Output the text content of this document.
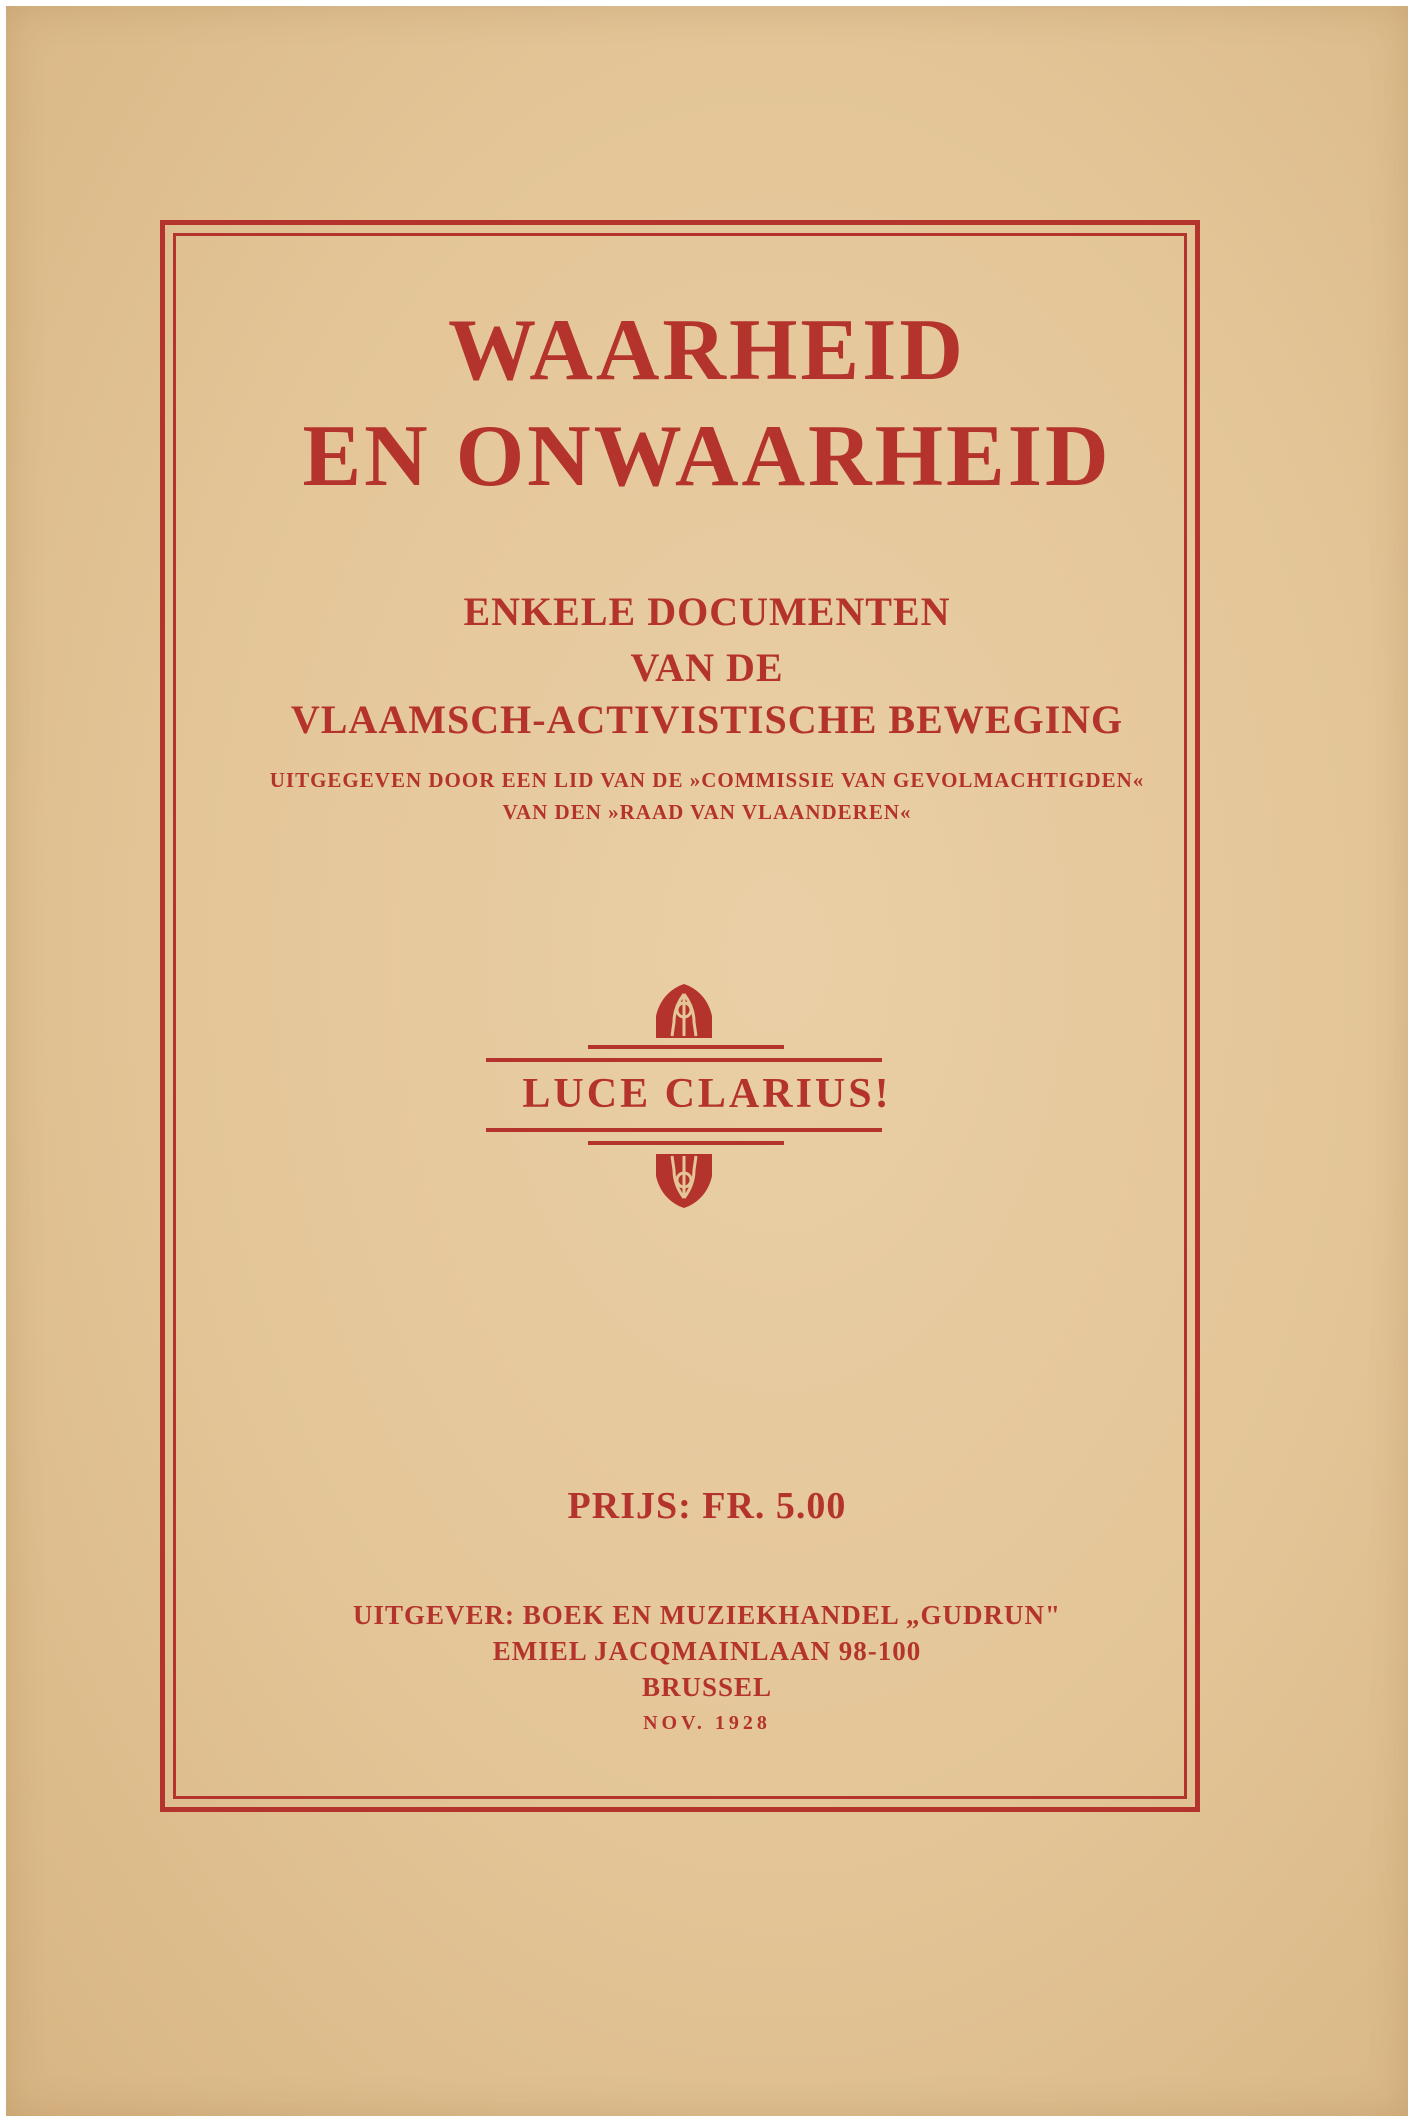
WAARHEID
EN ONWAARHEID

ENKELE DOCUMENTEN

VAN DE

VLAAMSCH-ACTIVISTISCHE BEWEGING

UITGEGEVEN DOOR EEN LID VAN DE »COMMISSIE VAN GEVOLMACHTIGDEN«

VAN DEN »RAAD VAN VLAANDEREN«

LUCE CLARIUS!

PRIJS: FR. 5.00

UITGEVER: BOEK EN MUZIEKHANDEL „GUDRUN"

EMIEL JACQMAINLAAN 98-100

BRUSSEL

NOV. 1928
